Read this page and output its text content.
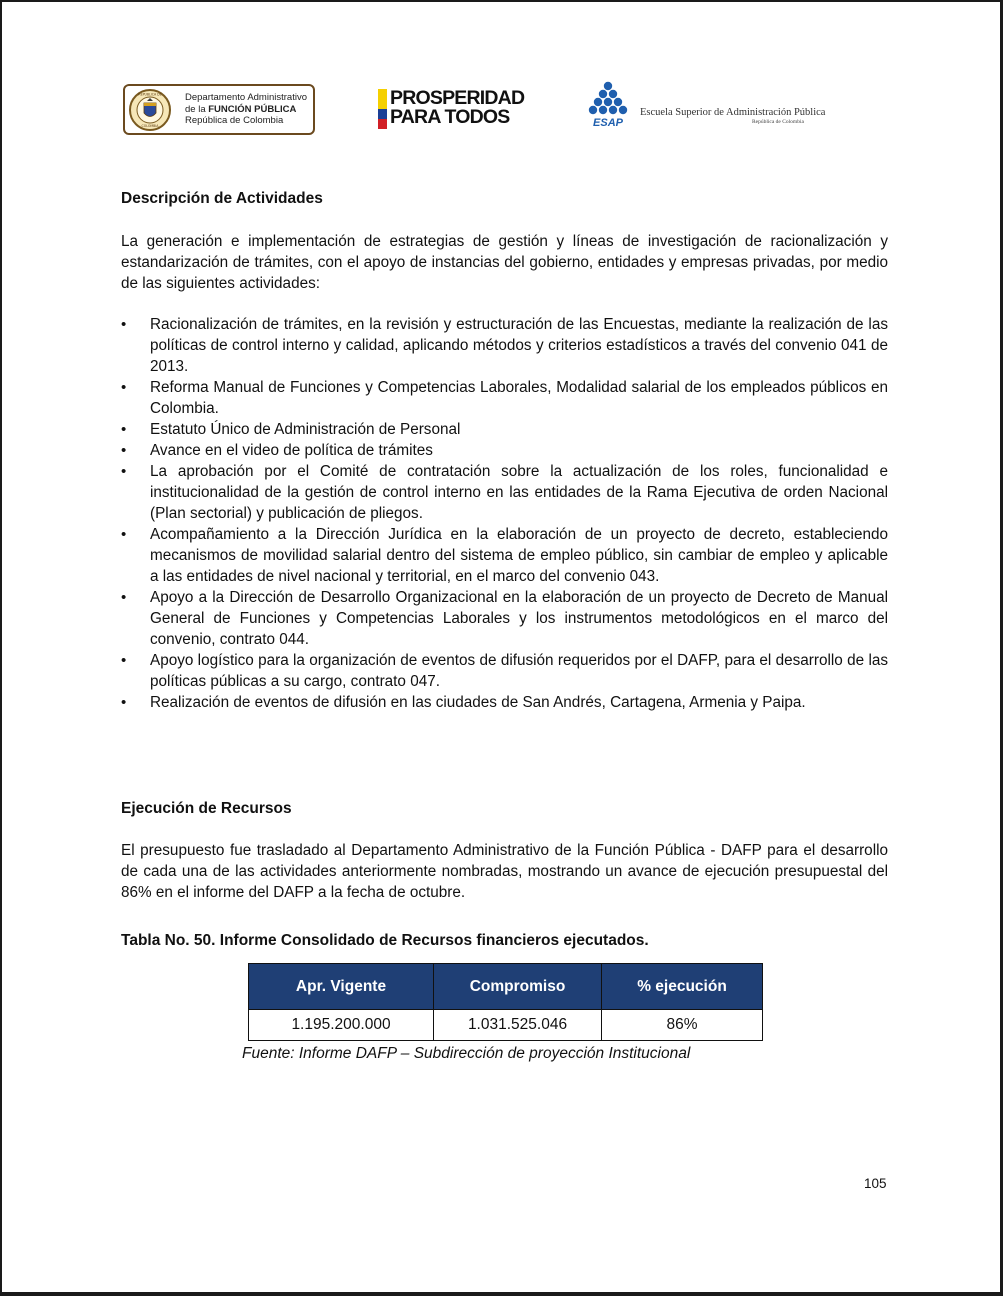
REPUBLICA DE
COLOMBIA
Departamento Administrativo
de la FUNCIÓN PÚBLICA
República de Colombia
PROSPERIDAD
PARA TODOS	ESAP
Escuela Superior de Administración Pública
República de Colombia
Descripción de Actividades

La generación e implementación de estrategias de gestión y líneas de investigación de racionalización y estandarización de trámites, con el apoyo de instancias del gobierno, entidades y empresas privadas, por medio de las siguientes actividades:

•	Racionalización de trámites, en la revisión y estructuración de las Encuestas, mediante la realización de las políticas de control interno y calidad, aplicando métodos y criterios estadísticos a través del convenio 041 de 2013.
•	Reforma Manual de Funciones y Competencias Laborales, Modalidad salarial de los empleados públicos en Colombia.
•	Estatuto Único de Administración de Personal
•	Avance en el video de política de trámites
•	La aprobación por el Comité de contratación sobre la actualización de los roles, funcionalidad e institucionalidad de la gestión de control interno en las entidades de la Rama Ejecutiva de orden Nacional (Plan sectorial) y publicación de pliegos.
•	Acompañamiento a la Dirección Jurídica en la elaboración de un proyecto de decreto, estableciendo mecanismos de movilidad salarial dentro del sistema de empleo público, sin cambiar de empleo y aplicable a las entidades de nivel nacional y territorial, en el marco del convenio 043.
•	Apoyo a la Dirección de Desarrollo Organizacional en la elaboración de un proyecto de Decreto de Manual General de Funciones y Competencias Laborales y los instrumentos metodológicos en el marco del convenio, contrato 044.
•	Apoyo logístico para la organización de eventos de difusión requeridos por el DAFP, para el desarrollo de las políticas públicas a su cargo, contrato 047.
•	Realización de eventos de difusión en las ciudades de San Andrés, Cartagena, Armenia y Paipa.
Ejecución de Recursos

El presupuesto fue trasladado al Departamento Administrativo de la Función Pública - DAFP para el desarrollo de cada una de las actividades anteriormente nombradas, mostrando un avance de ejecución presupuestal del 86% en el informe del DAFP a la fecha de octubre.

Tabla No. 50. Informe Consolidado de Recursos financieros ejecutados.
Apr. Vigente	Compromiso	% ejecución
1.195.200.000	1.031.525.046	86%
Fuente: Informe DAFP – Subdirección de proyección Institucional
105
